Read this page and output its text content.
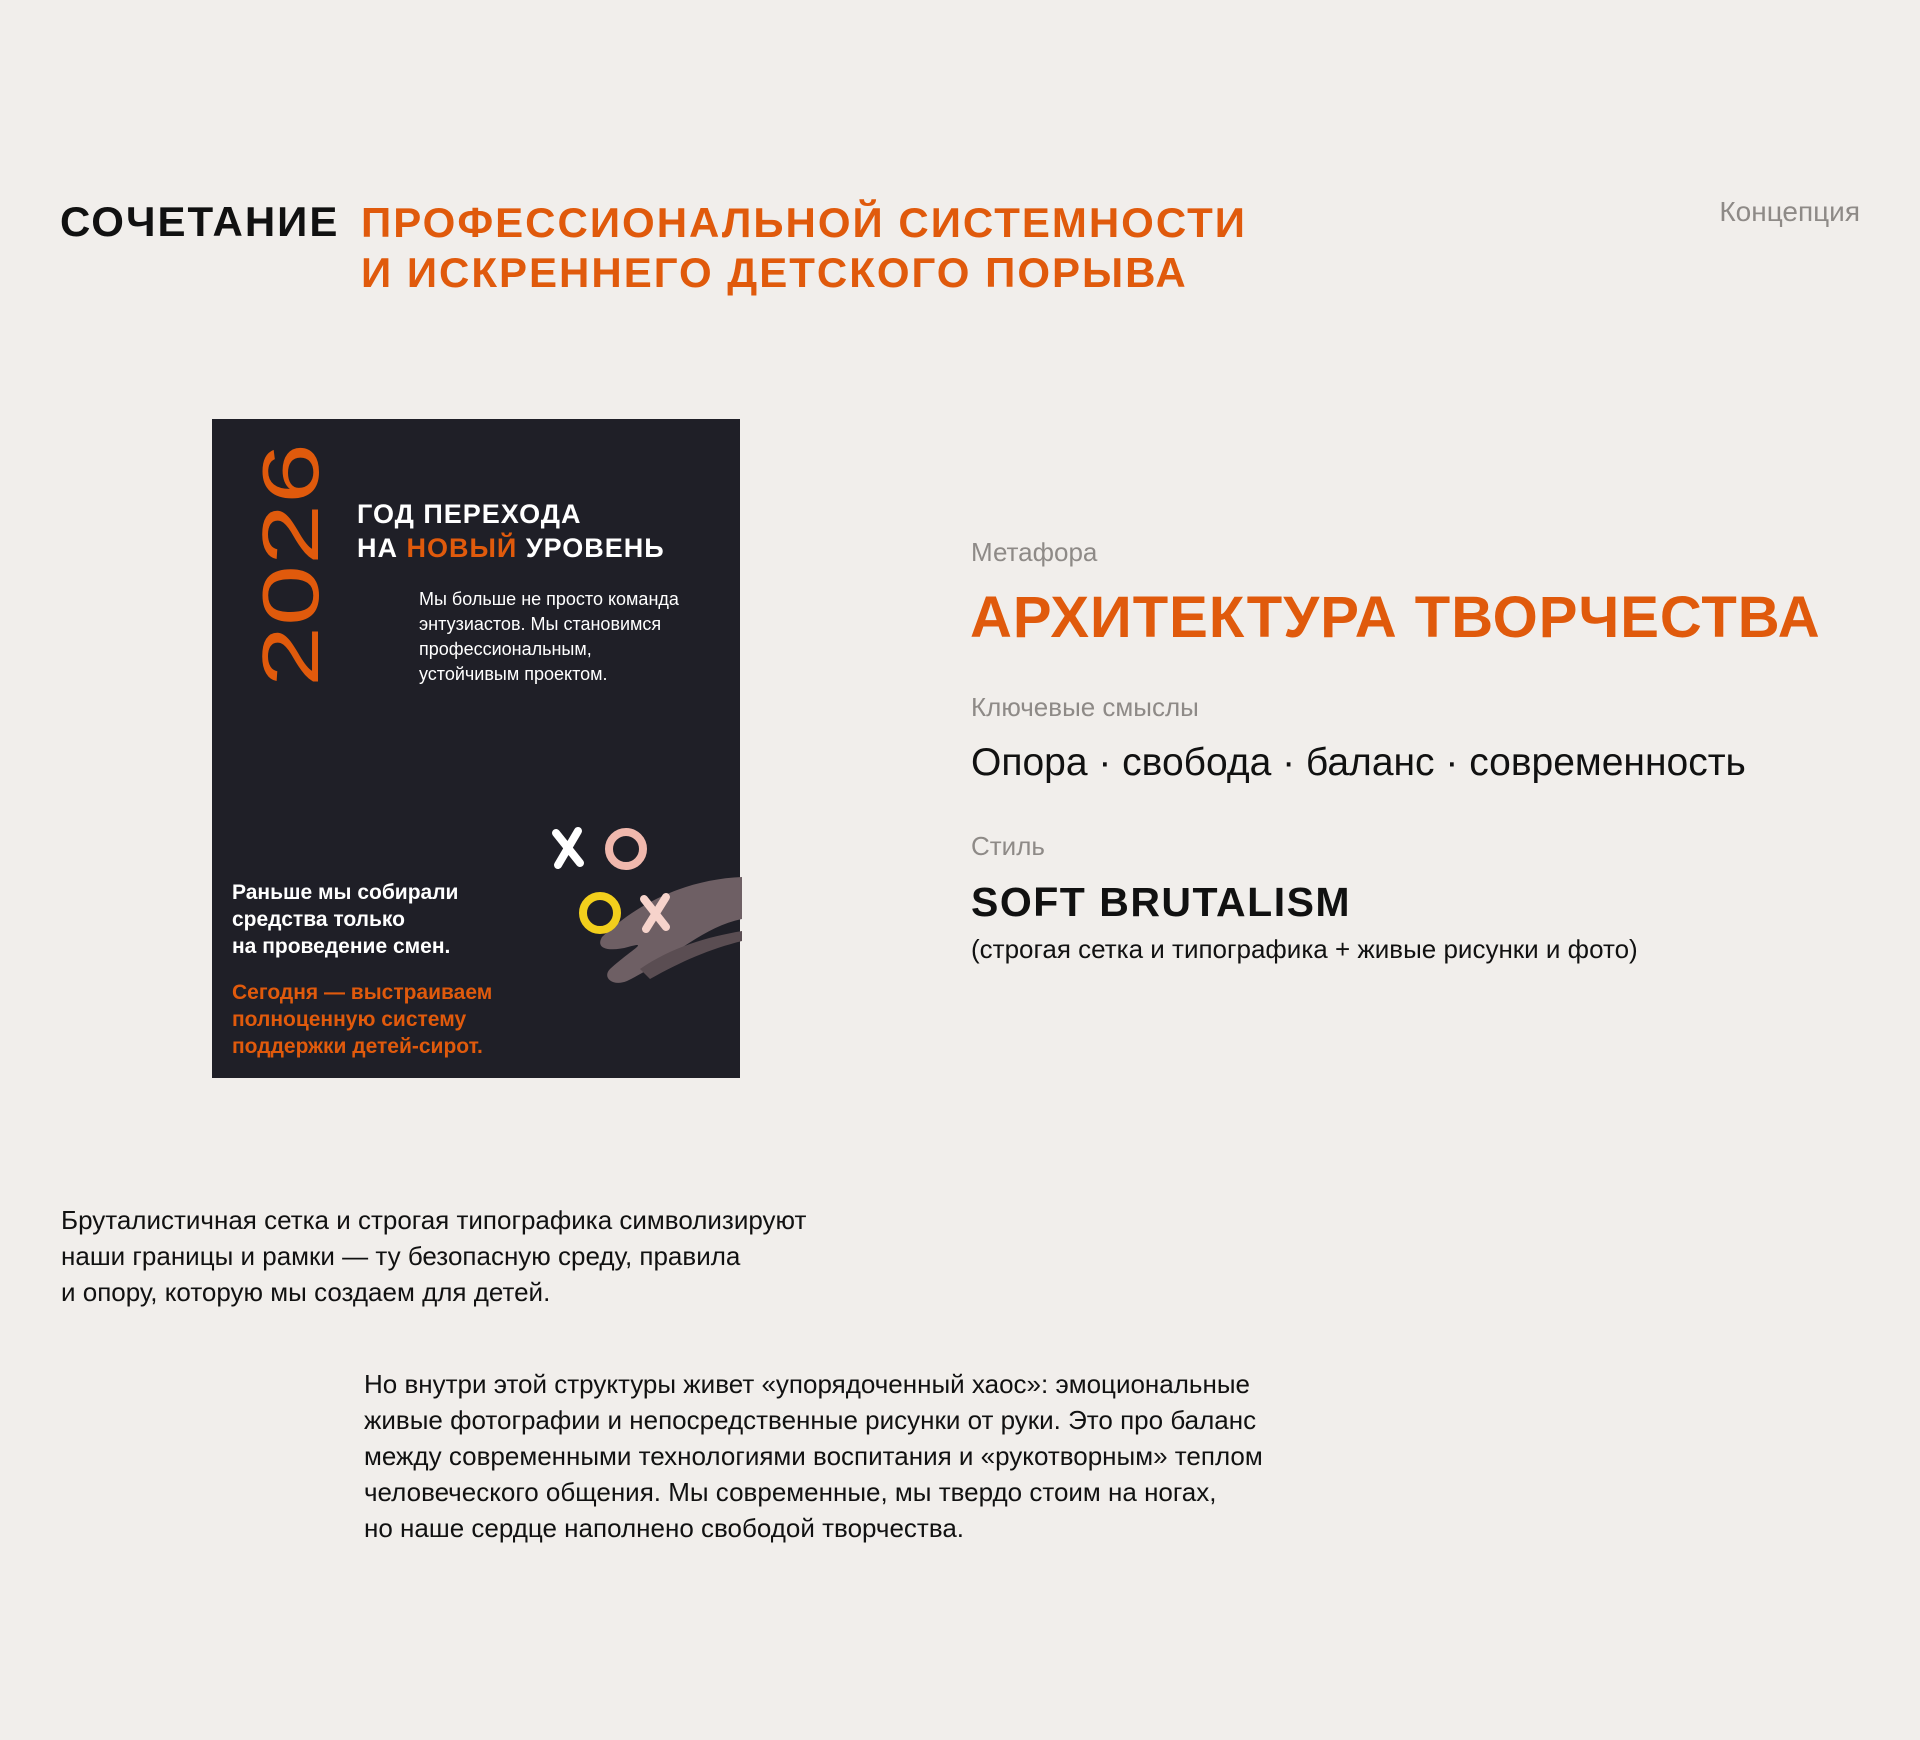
СОЧЕТАНИЕ ПРОФЕССИОНАЛЬНОЙ СИСТЕМНОСТИ
И ИСКРЕННЕГО ДЕТСКОГО ПОРЫВА
Концепция
2026 ГОД ПЕРЕХОДА
НА НОВЫЙ УРОВЕНЬ
Мы больше не просто команда
энтузиастов. Мы становимся
профессиональным,
устойчивым проектом.
Раньше мы собирали
средства только
на проведение смен.
Сегодня — выстраиваем
полноценную систему
поддержки детей-сирот.
Метафора
АРХИТЕКТУРА ТВОРЧЕСТВА
Ключевые смыслы
Опора · свобода · баланс · современность
Стиль
SOFT BRUTALISM
(строгая сетка и типографика + живые рисунки и фото)
Бруталистичная сетка и строгая типографика символизируют
наши границы и рамки — ту безопасную среду, правила
и опору, которую мы создаем для детей.
Но внутри этой структуры живет «упорядоченный хаос»: эмоциональные
живые фотографии и непосредственные рисунки от руки. Это про баланс
между современными технологиями воспитания и «рукотворным» теплом
человеческого общения. Мы современные, мы твердо стоим на ногах,
но наше сердце наполнено свободой творчества.
